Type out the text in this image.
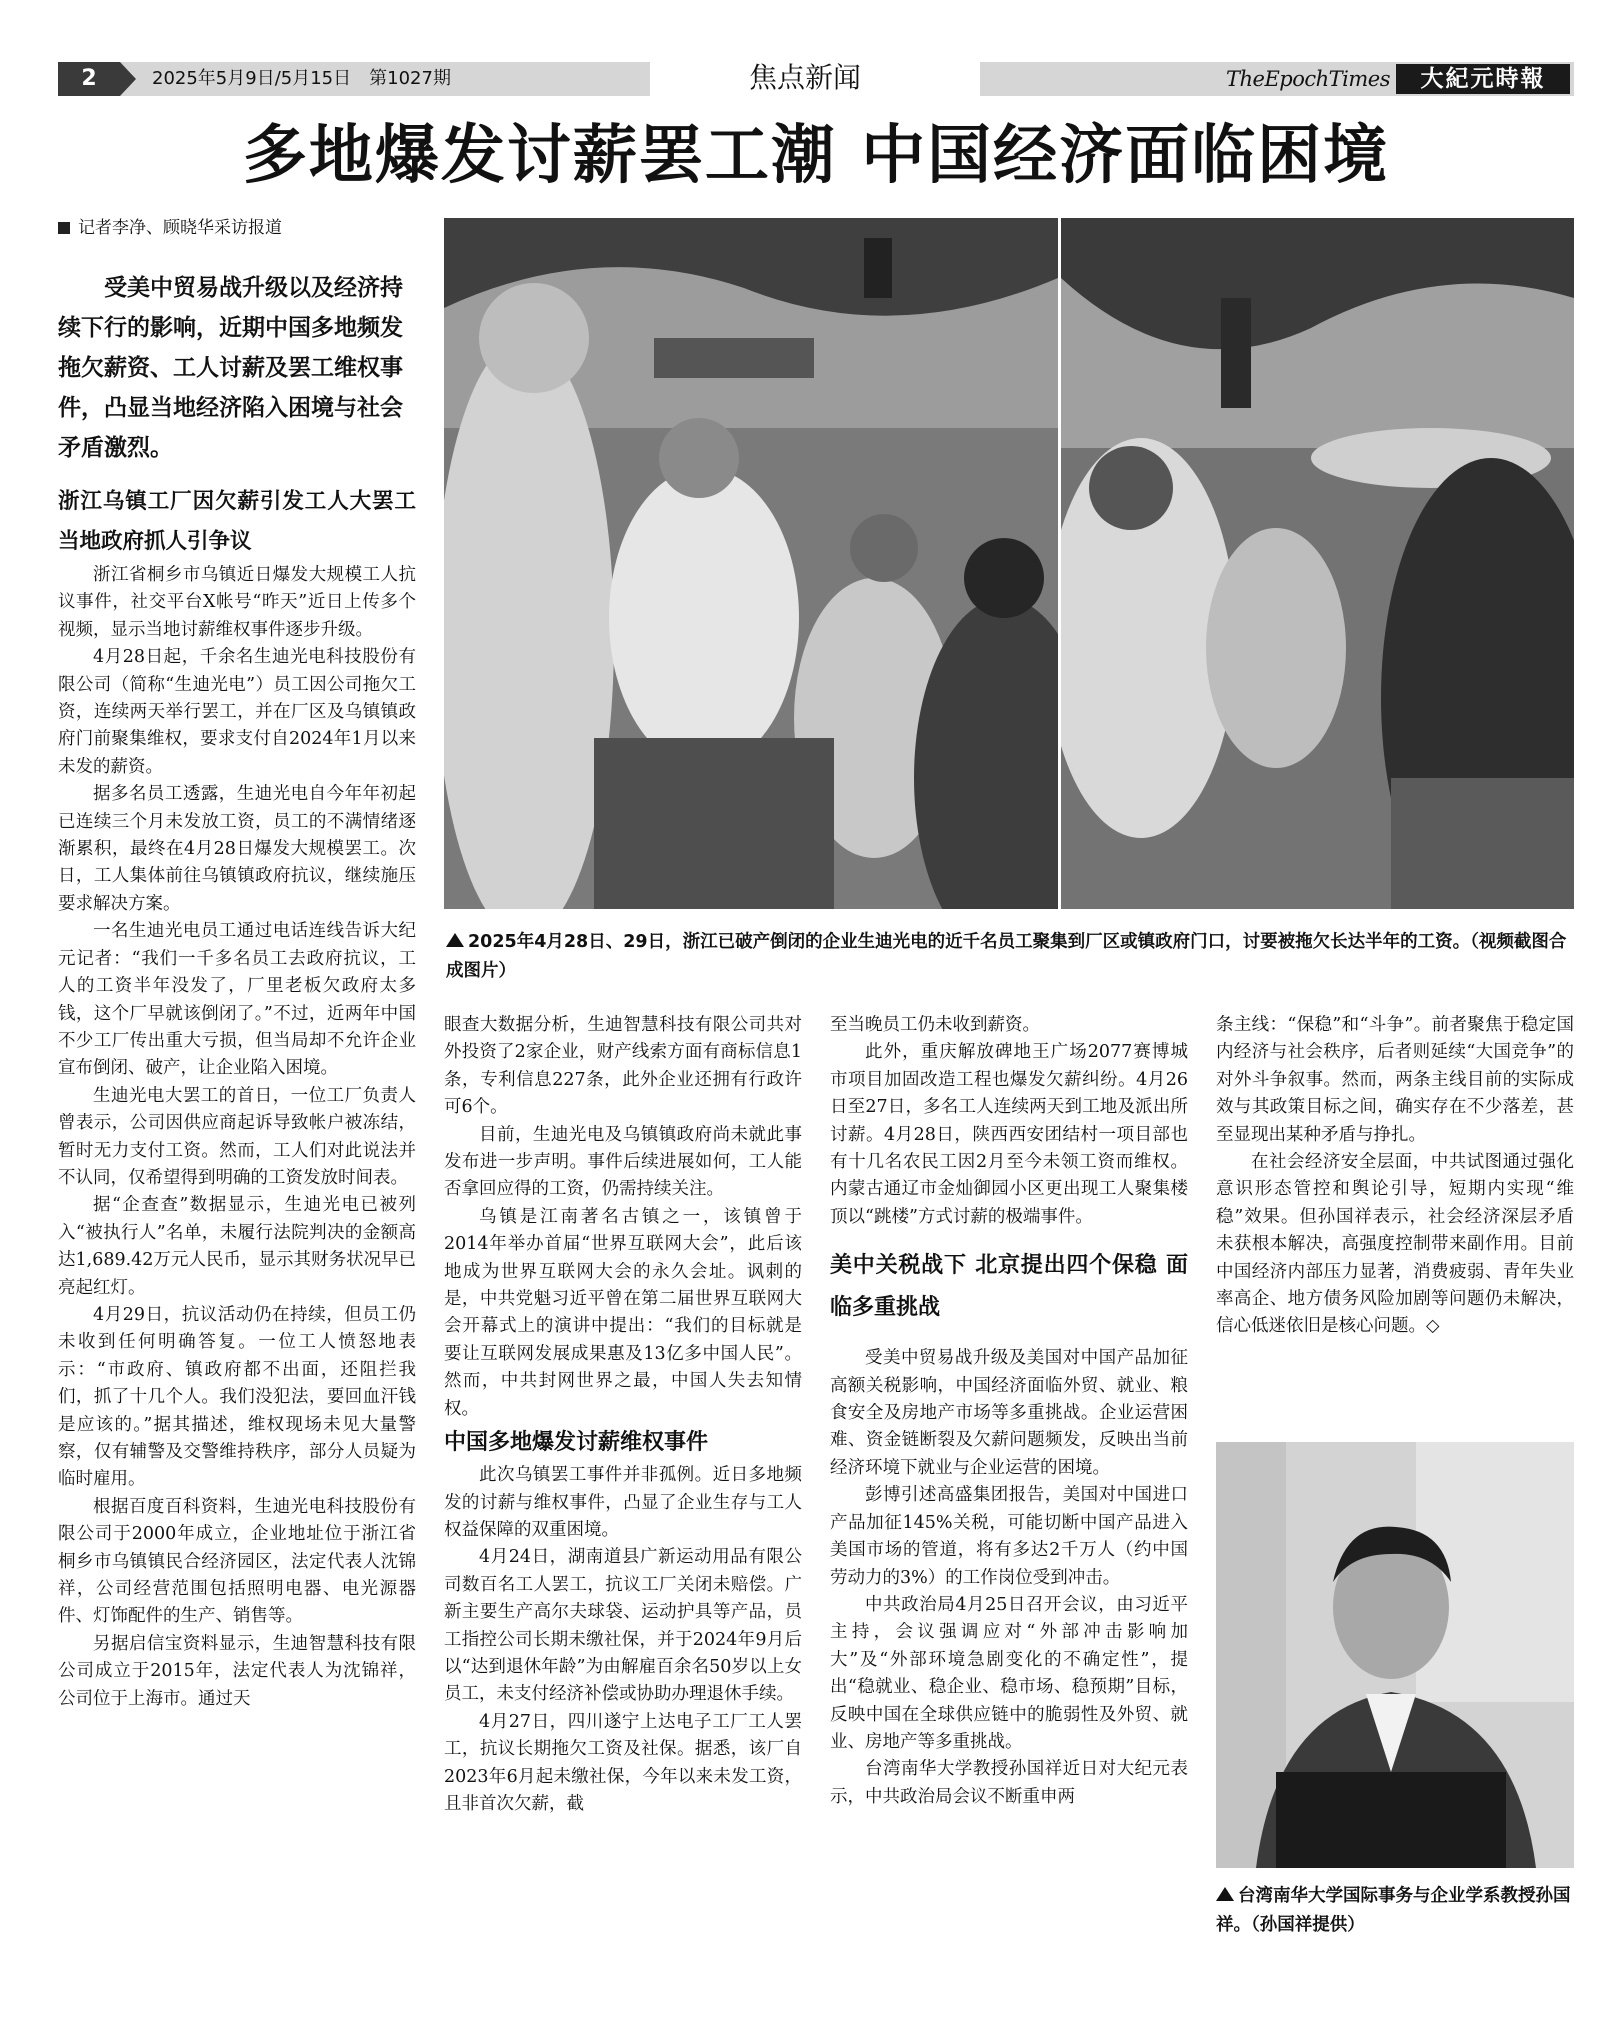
2	2025年5月9日/5月15日　第1027期	焦点新闻	TheEpochTimes	大紀元時報
多地爆发讨薪罢工潮 中国经济面临困境
记者李净、顾晓华采访报道
受美中贸易战升级以及经济持续下行的影响，近期中国多地频发拖欠薪资、工人讨薪及罢工维权事件，凸显当地经济陷入困境与社会矛盾激烈。

浙江乌镇工厂因欠薪引发工人大罢工 当地政府抓人引争议

浙江省桐乡市乌镇近日爆发大规模工人抗议事件，社交平台X帐号“昨天”近日上传多个视频，显示当地讨薪维权事件逐步升级。

4月28日起，千余名生迪光电科技股份有限公司（简称“生迪光电”）员工因公司拖欠工资，连续两天举行罢工，并在厂区及乌镇镇政府门前聚集维权，要求支付自2024年1月以来未发的薪资。

据多名员工透露，生迪光电自今年年初起已连续三个月未发放工资，员工的不满情绪逐渐累积，最终在4月28日爆发大规模罢工。次日，工人集体前往乌镇镇政府抗议，继续施压要求解决方案。

一名生迪光电员工通过电话连线告诉大纪元记者：“我们一千多名员工去政府抗议，工人的工资半年没发了，厂里老板欠政府太多钱，这个厂早就该倒闭了。”不过，近两年中国不少工厂传出重大亏损，但当局却不允许企业宣布倒闭、破产，让企业陷入困境。

生迪光电大罢工的首日，一位工厂负责人曾表示，公司因供应商起诉导致帐户被冻结，暂时无力支付工资。然而，工人们对此说法并不认同，仅希望得到明确的工资发放时间表。

据“企查查”数据显示，生迪光电已被列入“被执行人”名单，未履行法院判决的金额高达1,689.42万元人民币，显示其财务状况早已亮起红灯。

4月29日，抗议活动仍在持续，但员工仍未收到任何明确答复。一位工人愤怒地表示：“市政府、镇政府都不出面，还阻拦我们，抓了十几个人。我们没犯法，要回血汗钱是应该的。”据其描述，维权现场未见大量警察，仅有辅警及交警维持秩序，部分人员疑为临时雇用。

根据百度百科资料，生迪光电科技股份有限公司于2000年成立，企业地址位于浙江省桐乡市乌镇镇民合经济园区，法定代表人沈锦祥，公司经营范围包括照明电器、电光源器件、灯饰配件的生产、销售等。

另据启信宝资料显示，生迪智慧科技有限公司成立于2015年，法定代表人为沈锦祥，公司位于上海市。通过天

2025年4月28日、29日，浙江已破产倒闭的企业生迪光电的近千名员工聚集到厂区或镇政府门口，讨要被拖欠长达半年的工资。（视频截图合成图片）

眼查大数据分析，生迪智慧科技有限公司共对外投资了2家企业，财产线索方面有商标信息1条，专利信息227条，此外企业还拥有行政许可6个。

目前，生迪光电及乌镇镇政府尚未就此事发布进一步声明。事件后续进展如何，工人能否拿回应得的工资，仍需持续关注。

乌镇是江南著名古镇之一，该镇曾于2014年举办首届“世界互联网大会”，此后该地成为世界互联网大会的永久会址。讽刺的是，中共党魁习近平曾在第二届世界互联网大会开幕式上的演讲中提出：“我们的目标就是要让互联网发展成果惠及13亿多中国人民”。然而，中共封网世界之最，中国人失去知情权。

中国多地爆发讨薪维权事件

此次乌镇罢工事件并非孤例。近日多地频发的讨薪与维权事件，凸显了企业生存与工人权益保障的双重困境。

4月24日，湖南道县广新运动用品有限公司数百名工人罢工，抗议工厂关闭未赔偿。广新主要生产高尔夫球袋、运动护具等产品，员工指控公司长期未缴社保，并于2024年9月后以“达到退休年龄”为由解雇百余名50岁以上女员工，未支付经济补偿或协助办理退休手续。

4月27日，四川遂宁上达电子工厂工人罢工，抗议长期拖欠工资及社保。据悉，该厂自2023年6月起未缴社保，今年以来未发工资，且非首次欠薪，截

至当晚员工仍未收到薪资。

此外，重庆解放碑地王广场2077赛博城市项目加固改造工程也爆发欠薪纠纷。4月26日至27日，多名工人连续两天到工地及派出所讨薪。4月28日，陕西西安团结村一项目部也有十几名农民工因2月至今未领工资而维权。内蒙古通辽市金灿御园小区更出现工人聚集楼顶以“跳楼”方式讨薪的极端事件。

美中关税战下 北京提出四个保稳 面临多重挑战

受美中贸易战升级及美国对中国产品加征高额关税影响，中国经济面临外贸、就业、粮食安全及房地产市场等多重挑战。企业运营困难、资金链断裂及欠薪问题频发，反映出当前经济环境下就业与企业运营的困境。

彭博引述高盛集团报告，美国对中国进口产品加征145%关税，可能切断中国产品进入美国市场的管道，将有多达2千万人（约中国劳动力的3%）的工作岗位受到冲击。

中共政治局4月25日召开会议，由习近平主持，会议强调应对“外部冲击影响加大”及“外部环境急剧变化的不确定性”，提出“稳就业、稳企业、稳市场、稳预期”目标，反映中国在全球供应链中的脆弱性及外贸、就业、房地产等多重挑战。

台湾南华大学教授孙国祥近日对大纪元表示，中共政治局会议不断重申两

条主线：“保稳”和“斗争”。前者聚焦于稳定国内经济与社会秩序，后者则延续“大国竞争”的对外斗争叙事。然而，两条主线目前的实际成效与其政策目标之间，确实存在不少落差，甚至显现出某种矛盾与挣扎。

在社会经济安全层面，中共试图通过强化意识形态管控和舆论引导，短期内实现“维稳”效果。但孙国祥表示，社会经济深层矛盾未获根本解决，高强度控制带来副作用。目前中国经济内部压力显著，消费疲弱、青年失业率高企、地方债务风险加剧等问题仍未解决，信心低迷依旧是核心问题。◇

台湾南华大学国际事务与企业学系教授孙国祥。（孙国祥提供）
